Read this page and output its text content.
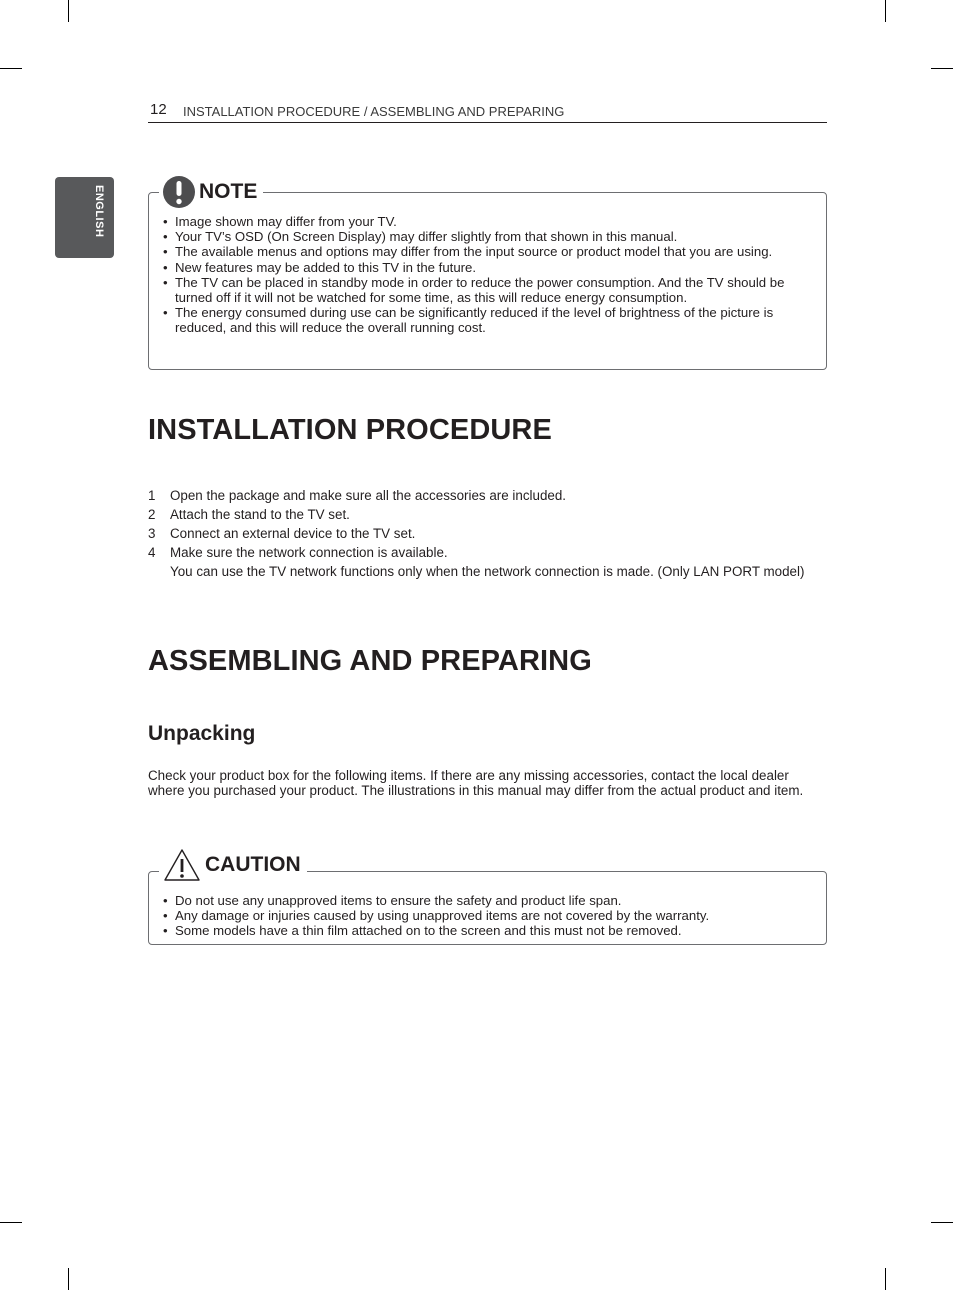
12 INSTALLATION PROCEDURE / ASSEMBLING AND PREPARING
ENGLISH	NOTE
• Image shown may differ from your TV.
• Your TV’s OSD (On Screen Display) may differ slightly from that shown in this manual.
• The available menus and options may differ from the input source or product model that you are using.
• New features may be added to this TV in the future.
• The TV can be placed in standby mode in order to reduce the power consumption. And the TV should be turned off if it will not be watched for some time, as this will reduce energy consumption.
• The energy consumed during use can be significantly reduced if the level of brightness of the picture is reduced, and this will reduce the overall running cost.
INSTALLATION PROCEDURE
1 Open the package and make sure all the accessories are included.
2 Attach the stand to the TV set.
3 Connect an external device to the TV set.
4 Make sure the network connection is available.
You can use the TV network functions only when the network connection is made. (Only LAN PORT model)
ASSEMBLING AND PREPARING
Unpacking

Check your product box for the following items. If there are any missing accessories, contact the local dealer where you purchased your product. The illustrations in this manual may differ from the actual product and item.

CAUTION
• Do not use any unapproved items to ensure the safety and product life span.
• Any damage or injuries caused by using unapproved items are not covered by the warranty.
• Some models have a thin film attached on to the screen and this must not be removed.
